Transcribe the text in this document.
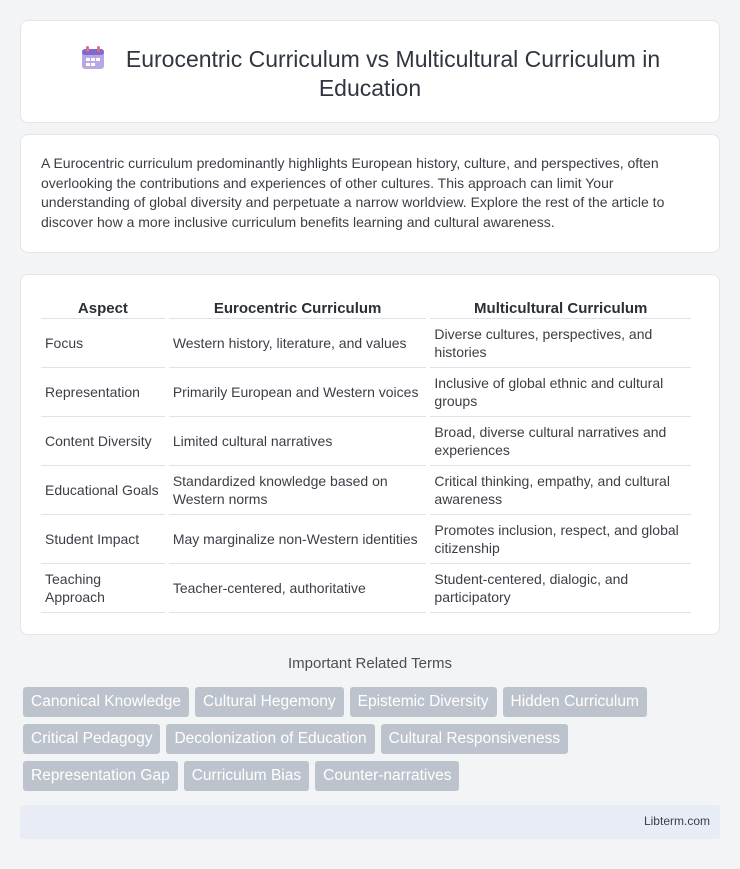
Eurocentric Curriculum vs Multicultural Curriculum in Education

A Eurocentric curriculum predominantly highlights European history, culture, and perspectives, often overlooking the contributions and experiences of other cultures. This approach can limit Your understanding of global diversity and perpetuate a narrow worldview. Explore the rest of the article to discover how a more inclusive curriculum benefits learning and cultural awareness.

Aspect	Eurocentric Curriculum	Multicultural Curriculum
Focus	Western history, literature, and values	Diverse cultures, perspectives, and histories
Representation	Primarily European and Western voices	Inclusive of global ethnic and cultural groups
Content Diversity	Limited cultural narratives	Broad, diverse cultural narratives and experiences
Educational Goals	Standardized knowledge based on Western norms	Critical thinking, empathy, and cultural awareness
Student Impact	May marginalize non-Western identities	Promotes inclusion, respect, and global citizenship
Teaching Approach	Teacher-centered, authoritative	Student-centered, dialogic, and participatory
Important Related Terms
Canonical Knowledge	Cultural Hegemony	Epistemic Diversity	Hidden Curriculum
Critical Pedagogy	Decolonization of Education	Cultural Responsiveness
Representation Gap	Curriculum Bias	Counter-narratives
Libterm.com
